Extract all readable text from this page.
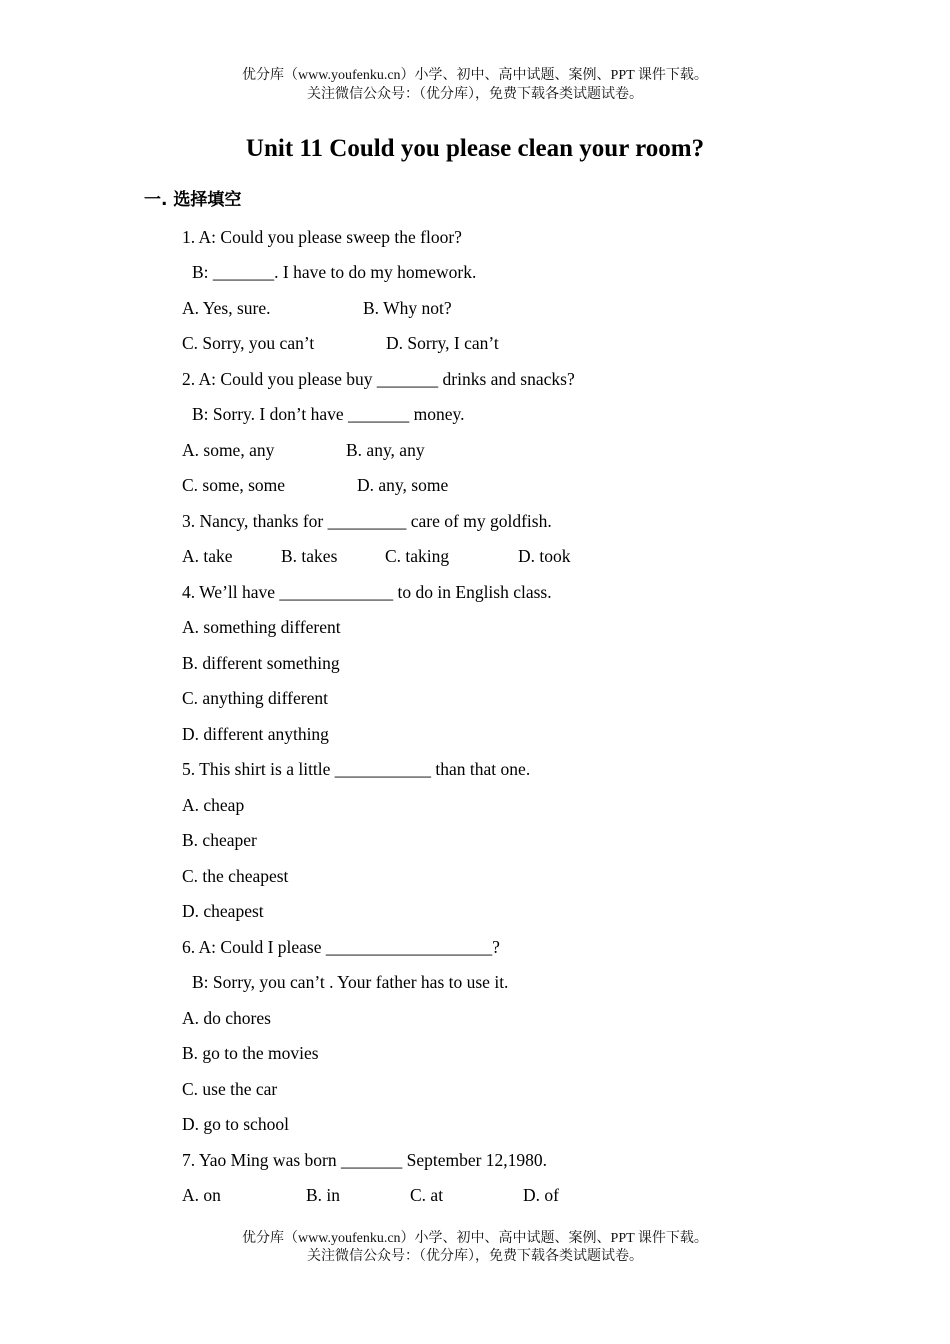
优分库（www.youfenku.cn）小学、初中、高中试题、案例、PPT 课件下载。
关注微信公众号：（优分库），免费下载各类试题试卷。
Unit 11 Could you please clean your room?
一. 选择填空
1. A: Could you please sweep the floor?
B: _______. I have to do my homework.
A. Yes, sure.	B. Why not?
C. Sorry, you can’t	D. Sorry, I can’t
2. A: Could you please buy _______ drinks and snacks?
B: Sorry. I don’t have _______ money.
A. some, any	B. any, any
C. some, some	D. any, some
3. Nancy, thanks for _________ care of my goldfish.
A. take	B. takes	C. taking	D. took
4. We’ll have _____________ to do in English class.
A. something different
B. different something
C. anything different
D. different anything
5. This shirt is a little ___________ than that one.
A. cheap
B. cheaper
C. the cheapest
D. cheapest
6. A: Could I please ___________________?
B: Sorry, you can’t . Your father has to use it.
A. do chores
B. go to the movies
C. use the car
D. go to school
7. Yao Ming was born _______ September 12,1980.
A. on	B. in	C. at	D. of
优分库（www.youfenku.cn）小学、初中、高中试题、案例、PPT 课件下载。
关注微信公众号：（优分库），免费下载各类试题试卷。
